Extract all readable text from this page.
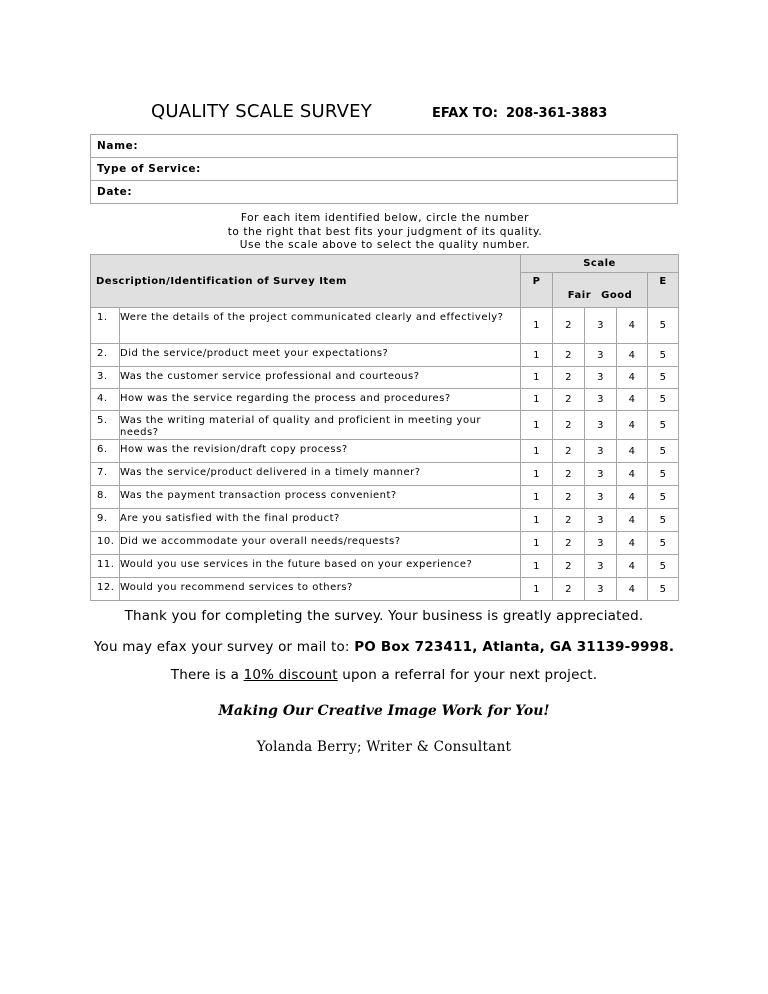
QUALITY SCALE SURVEY	EFAX TO: 208-361-3883
Name:
Type of Service:
Date:
For each item identified below, circle the number
to the right that best fits your judgment of its quality.
Use the scale above to select the quality number.
Description/Identification of Survey Item		Scale				
		P	Fair Good			E
1.	Were the details of the project communicated clearly and effectively?	1	2	3	4	5
2.	Did the service/product meet your expectations?	1	2	3	4	5
3.	Was the customer service professional and courteous?	1	2	3	4	5
4.	How was the service regarding the process and procedures?	1	2	3	4	5
5.	Was the writing material of quality and proficient in meeting your needs?	1	2	3	4	5
6.	How was the revision/draft copy process?	1	2	3	4	5
7.	Was the service/product delivered in a timely manner?	1	2	3	4	5
8.	Was the payment transaction process convenient?	1	2	3	4	5
9.	Are you satisfied with the final product?	1	2	3	4	5
10.	Did we accommodate your overall needs/requests?	1	2	3	4	5
11.	Would you use services in the future based on your experience?	1	2	3	4	5
12.	Would you recommend services to others?	1	2	3	4	5
Thank you for completing the survey. Your business is greatly appreciated.
You may efax your survey or mail to: PO Box 723411, Atlanta, GA 31139-9998.
There is a 10% discount upon a referral for your next project.
Making Our Creative Image Work for You!
Yolanda Berry; Writer & Consultant
